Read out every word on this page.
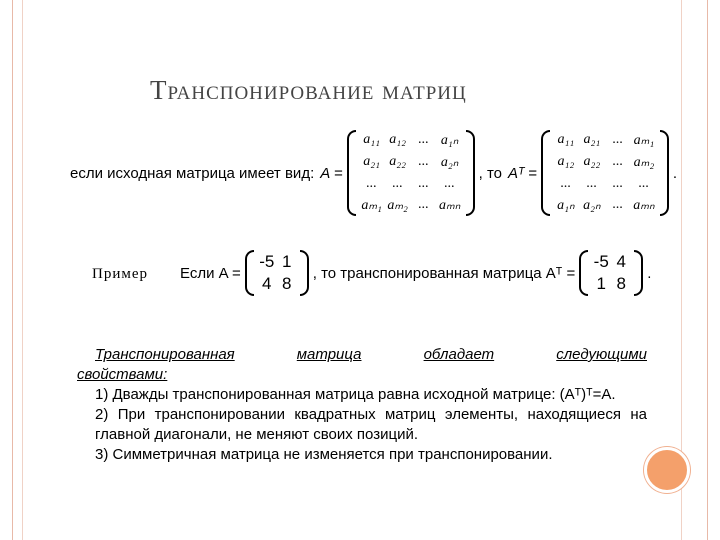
Транспонирование матриц
если исходная матрица имеет вид: A =
a₁₁ a₁₂ ... a₁ₙ
a₂₁ a₂₂ ... a₂ₙ
...	...	...	...
aₘ₁ aₘ₂ ... aₘₙ
, то Aᵀ =
a₁₁ a₂₁ ... aₘ₁
a₁₂ a₂₂ ... aₘ₂
...	...	...	...
a₁ₙ a₂ₙ ... aₘₙ
.
Пример Если A =
-5 1
4 8
, то транспонированная матрица Aᵀ =
-5 4
1 8
.
Транспонированная	матрица	обладает	следующими

свойствами:

1) Дважды транспонированная матрица равна исходной матрице: (Aᵀ)ᵀ=A.

2) При транспонировании квадратных матриц элементы, находящиеся на главной диагонали, не меняют своих позиций.

3) Симметричная матрица не изменяется при транспонировании.
